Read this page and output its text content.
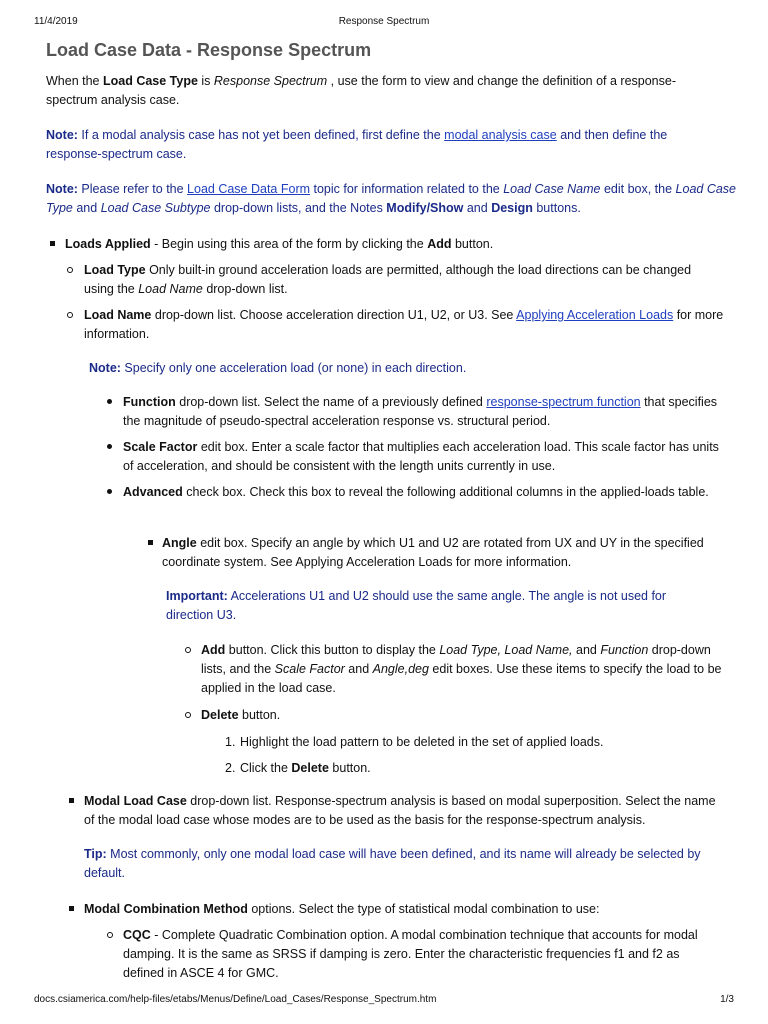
11/4/2019	Response Spectrum
Load Case Data - Response Spectrum
When the Load Case Type is Response Spectrum , use the form to view and change the definition of a response-spectrum analysis case.
Note: If a modal analysis case has not yet been defined, first define the modal analysis case and then define the response-spectrum case.
Note: Please refer to the Load Case Data Form topic for information related to the Load Case Name edit box, the Load Case Type and Load Case Subtype drop-down lists, and the Notes Modify/Show and Design buttons.
Loads Applied - Begin using this area of the form by clicking the Add button.
Load Type Only built-in ground acceleration loads are permitted, although the load directions can be changed using the Load Name drop-down list.
Load Name drop-down list. Choose acceleration direction U1, U2, or U3. See Applying Acceleration Loads for more information.
Note: Specify only one acceleration load (or none) in each direction.
Function drop-down list. Select the name of a previously defined response-spectrum function that specifies the magnitude of pseudo-spectral acceleration response vs. structural period.
Scale Factor edit box. Enter a scale factor that multiplies each acceleration load. This scale factor has units of acceleration, and should be consistent with the length units currently in use.
Advanced check box. Check this box to reveal the following additional columns in the applied-loads table.
Angle edit box. Specify an angle by which U1 and U2 are rotated from UX and UY in the specified coordinate system. See Applying Acceleration Loads for more information.
Important: Accelerations U1 and U2 should use the same angle. The angle is not used for direction U3.
Add button. Click this button to display the Load Type, Load Name, and Function drop-down lists, and the Scale Factor and Angle,deg edit boxes. Use these items to specify the load to be applied in the load case.
Delete button.
1. Highlight the load pattern to be deleted in the set of applied loads.
2. Click the Delete button.
Modal Load Case drop-down list. Response-spectrum analysis is based on modal superposition. Select the name of the modal load case whose modes are to be used as the basis for the response-spectrum analysis.
Tip: Most commonly, only one modal load case will have been defined, and its name will already be selected by default.
Modal Combination Method options. Select the type of statistical modal combination to use:
CQC - Complete Quadratic Combination option. A modal combination technique that accounts for modal damping. It is the same as SRSS if damping is zero. Enter the characteristic frequencies f1 and f2 as defined in ASCE 4 for GMC.
docs.csiamerica.com/help-files/etabs/Menus/Define/Load_Cases/Response_Spectrum.htm	1/3
